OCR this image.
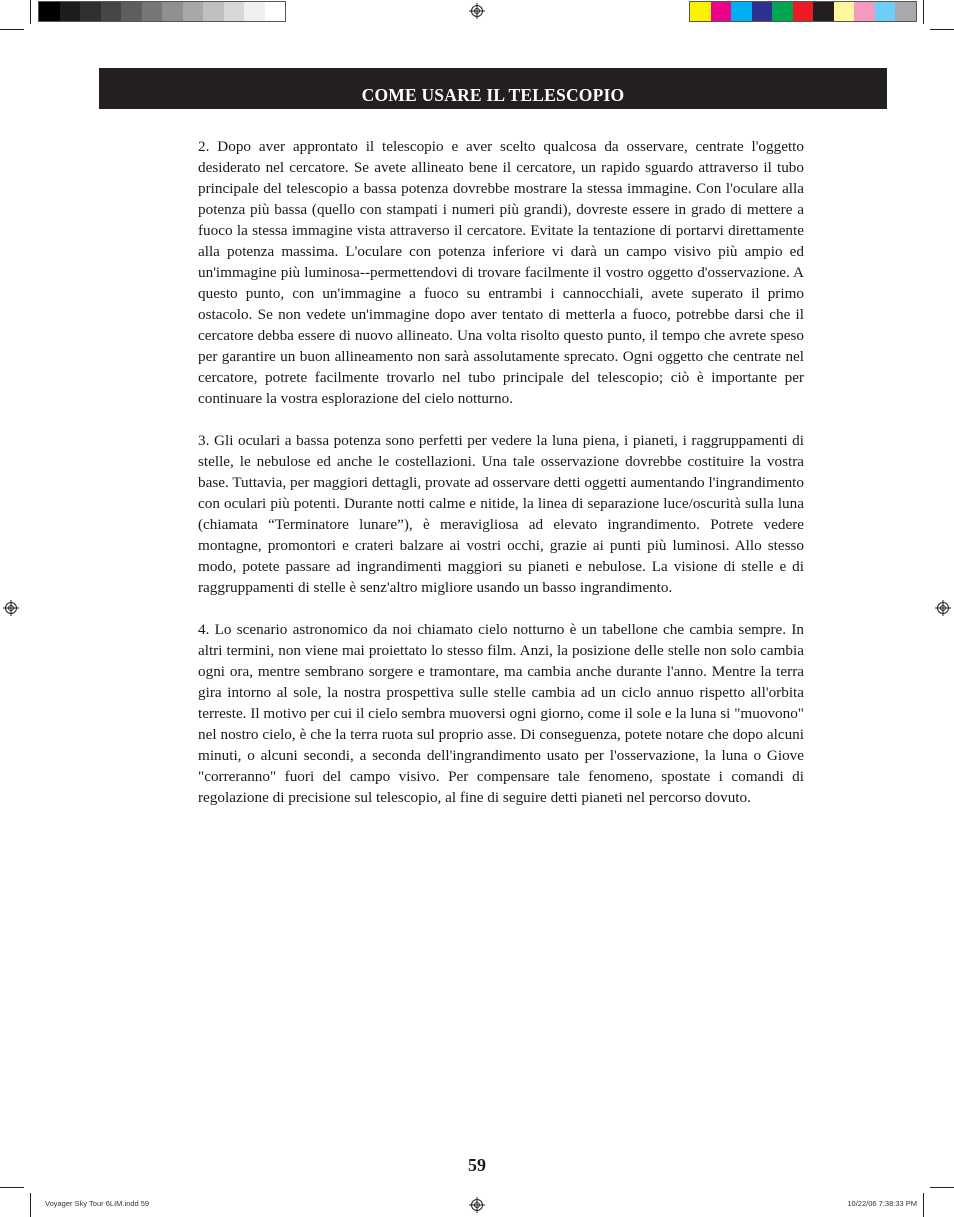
COME USARE IL TELESCOPIO

2. Dopo aver approntato il telescopio e aver scelto qualcosa da osservare, centrate l'oggetto desiderato nel cercatore. Se avete allineato bene il cercatore, un rapido sguardo attraverso il tubo principale del telescopio a bassa potenza dovrebbe mostrare la stessa immagine. Con l'oculare alla potenza più bassa (quello con stampati i numeri più grandi), dovreste essere in grado di mettere a fuoco la stessa immagine vista attraverso il cercatore. Evitate la tentazione di portarvi direttamente alla potenza massima. L'oculare con potenza inferiore vi darà un campo visivo più ampio ed un'immagine più luminosa--permettendovi di trovare facilmente il vostro oggetto d'osservazione. A questo punto, con un'immagine a fuoco su entrambi i cannocchiali, avete superato il primo ostacolo. Se non vedete un'immagine dopo aver tentato di metterla a fuoco, potrebbe darsi che il cercatore debba essere di nuovo allineato. Una volta risolto questo punto, il tempo che avrete speso per garantire un buon allineamento non sarà assolutamente sprecato. Ogni oggetto che centrate nel cercatore, potrete facilmente trovarlo nel tubo principale del telescopio; ciò è importante per continuare la vostra esplorazione del cielo notturno.

3. Gli oculari a bassa potenza sono perfetti per vedere la luna piena, i pianeti, i raggruppamenti di stelle, le nebulose ed anche le costellazioni. Una tale osservazione dovrebbe costituire la vostra base. Tuttavia, per maggiori dettagli, provate ad osservare detti oggetti aumentando l'ingrandimento con oculari più potenti. Durante notti calme e nitide, la linea di separazione luce/oscurità sulla luna (chiamata “Terminatore lunare”), è meravigliosa ad elevato ingrandimento. Potrete vedere montagne, promontori e crateri balzare ai vostri occhi, grazie ai punti più luminosi. Allo stesso modo, potete passare ad ingrandimenti maggiori su pianeti e nebulose. La visione di stelle e di raggruppamenti di stelle è senz'altro migliore usando un basso ingrandimento.

4. Lo scenario astronomico da noi chiamato cielo notturno è un tabellone che cambia sempre. In altri termini, non viene mai proiettato lo stesso film. Anzi, la posizione delle stelle non solo cambia ogni ora, mentre sembrano sorgere e tramontare, ma cambia anche durante l'anno. Mentre la terra gira intorno al sole, la nostra prospettiva sulle stelle cambia ad un ciclo annuo rispetto all'orbita terreste. Il motivo per cui il cielo sembra muoversi ogni giorno, come il sole e la luna si "muovono" nel nostro cielo, è che la terra ruota sul proprio asse. Di conseguenza, potete notare che dopo alcuni minuti, o alcuni secondi, a seconda dell'ingrandimento usato per l'osservazione, la luna o Giove "correranno" fuori del campo visivo. Per compensare tale fenomeno, spostate i comandi di regolazione di precisione sul telescopio, al fine di seguire detti pianeti nel percorso dovuto.

59
Voyager Sky Tour 6LIM.indd 59	10/22/06 7:38:33 PM
